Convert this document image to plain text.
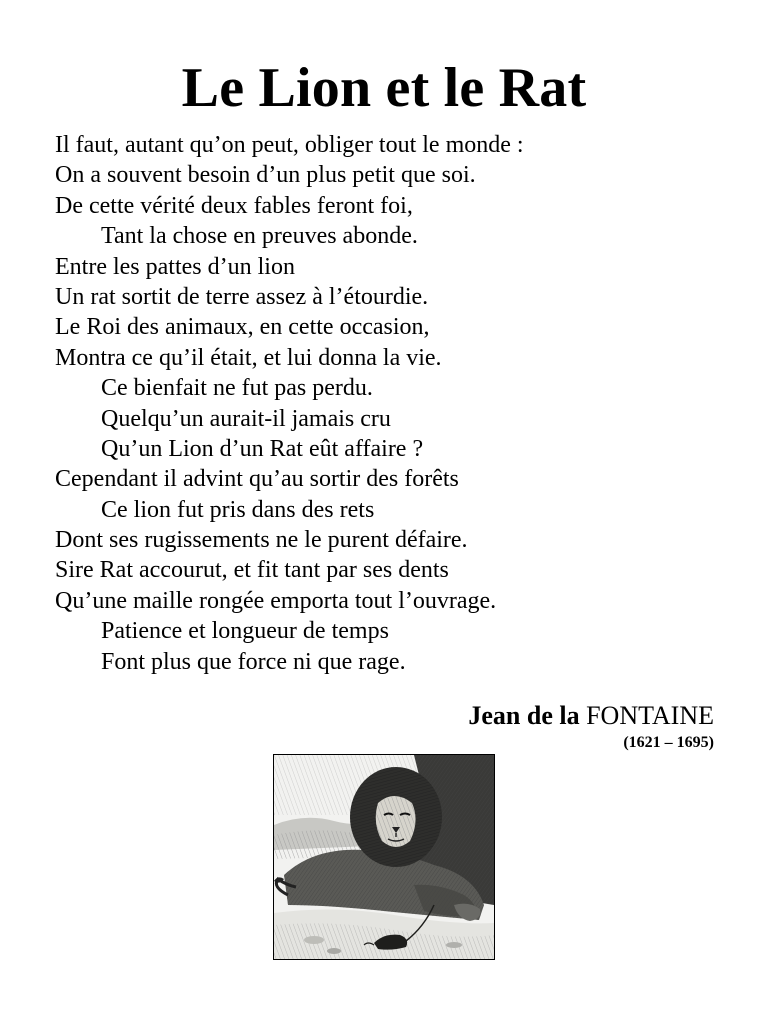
Le Lion et le Rat
Il faut, autant qu’on peut, obliger tout le monde :
On a souvent besoin d’un plus petit que soi.
De cette vérité deux fables feront foi,
Tant la chose en preuves abonde.
Entre les pattes d’un lion
Un rat sortit de terre assez à l’étourdie.
Le Roi des animaux, en cette occasion,
Montra ce qu’il était, et lui donna la vie.
Ce bienfait ne fut pas perdu.
Quelqu’un aurait-il jamais cru
Qu’un Lion d’un Rat eût affaire ?
Cependant il advint qu’au sortir des forêts
Ce lion fut pris dans des rets
Dont ses rugissements ne le purent défaire.
Sire Rat accourut, et fit tant par ses dents
Qu’une maille rongée emporta tout l’ouvrage.
Patience et longueur de temps
Font plus que force ni que rage.
Jean de la FONTAINE
(1621 – 1695)
